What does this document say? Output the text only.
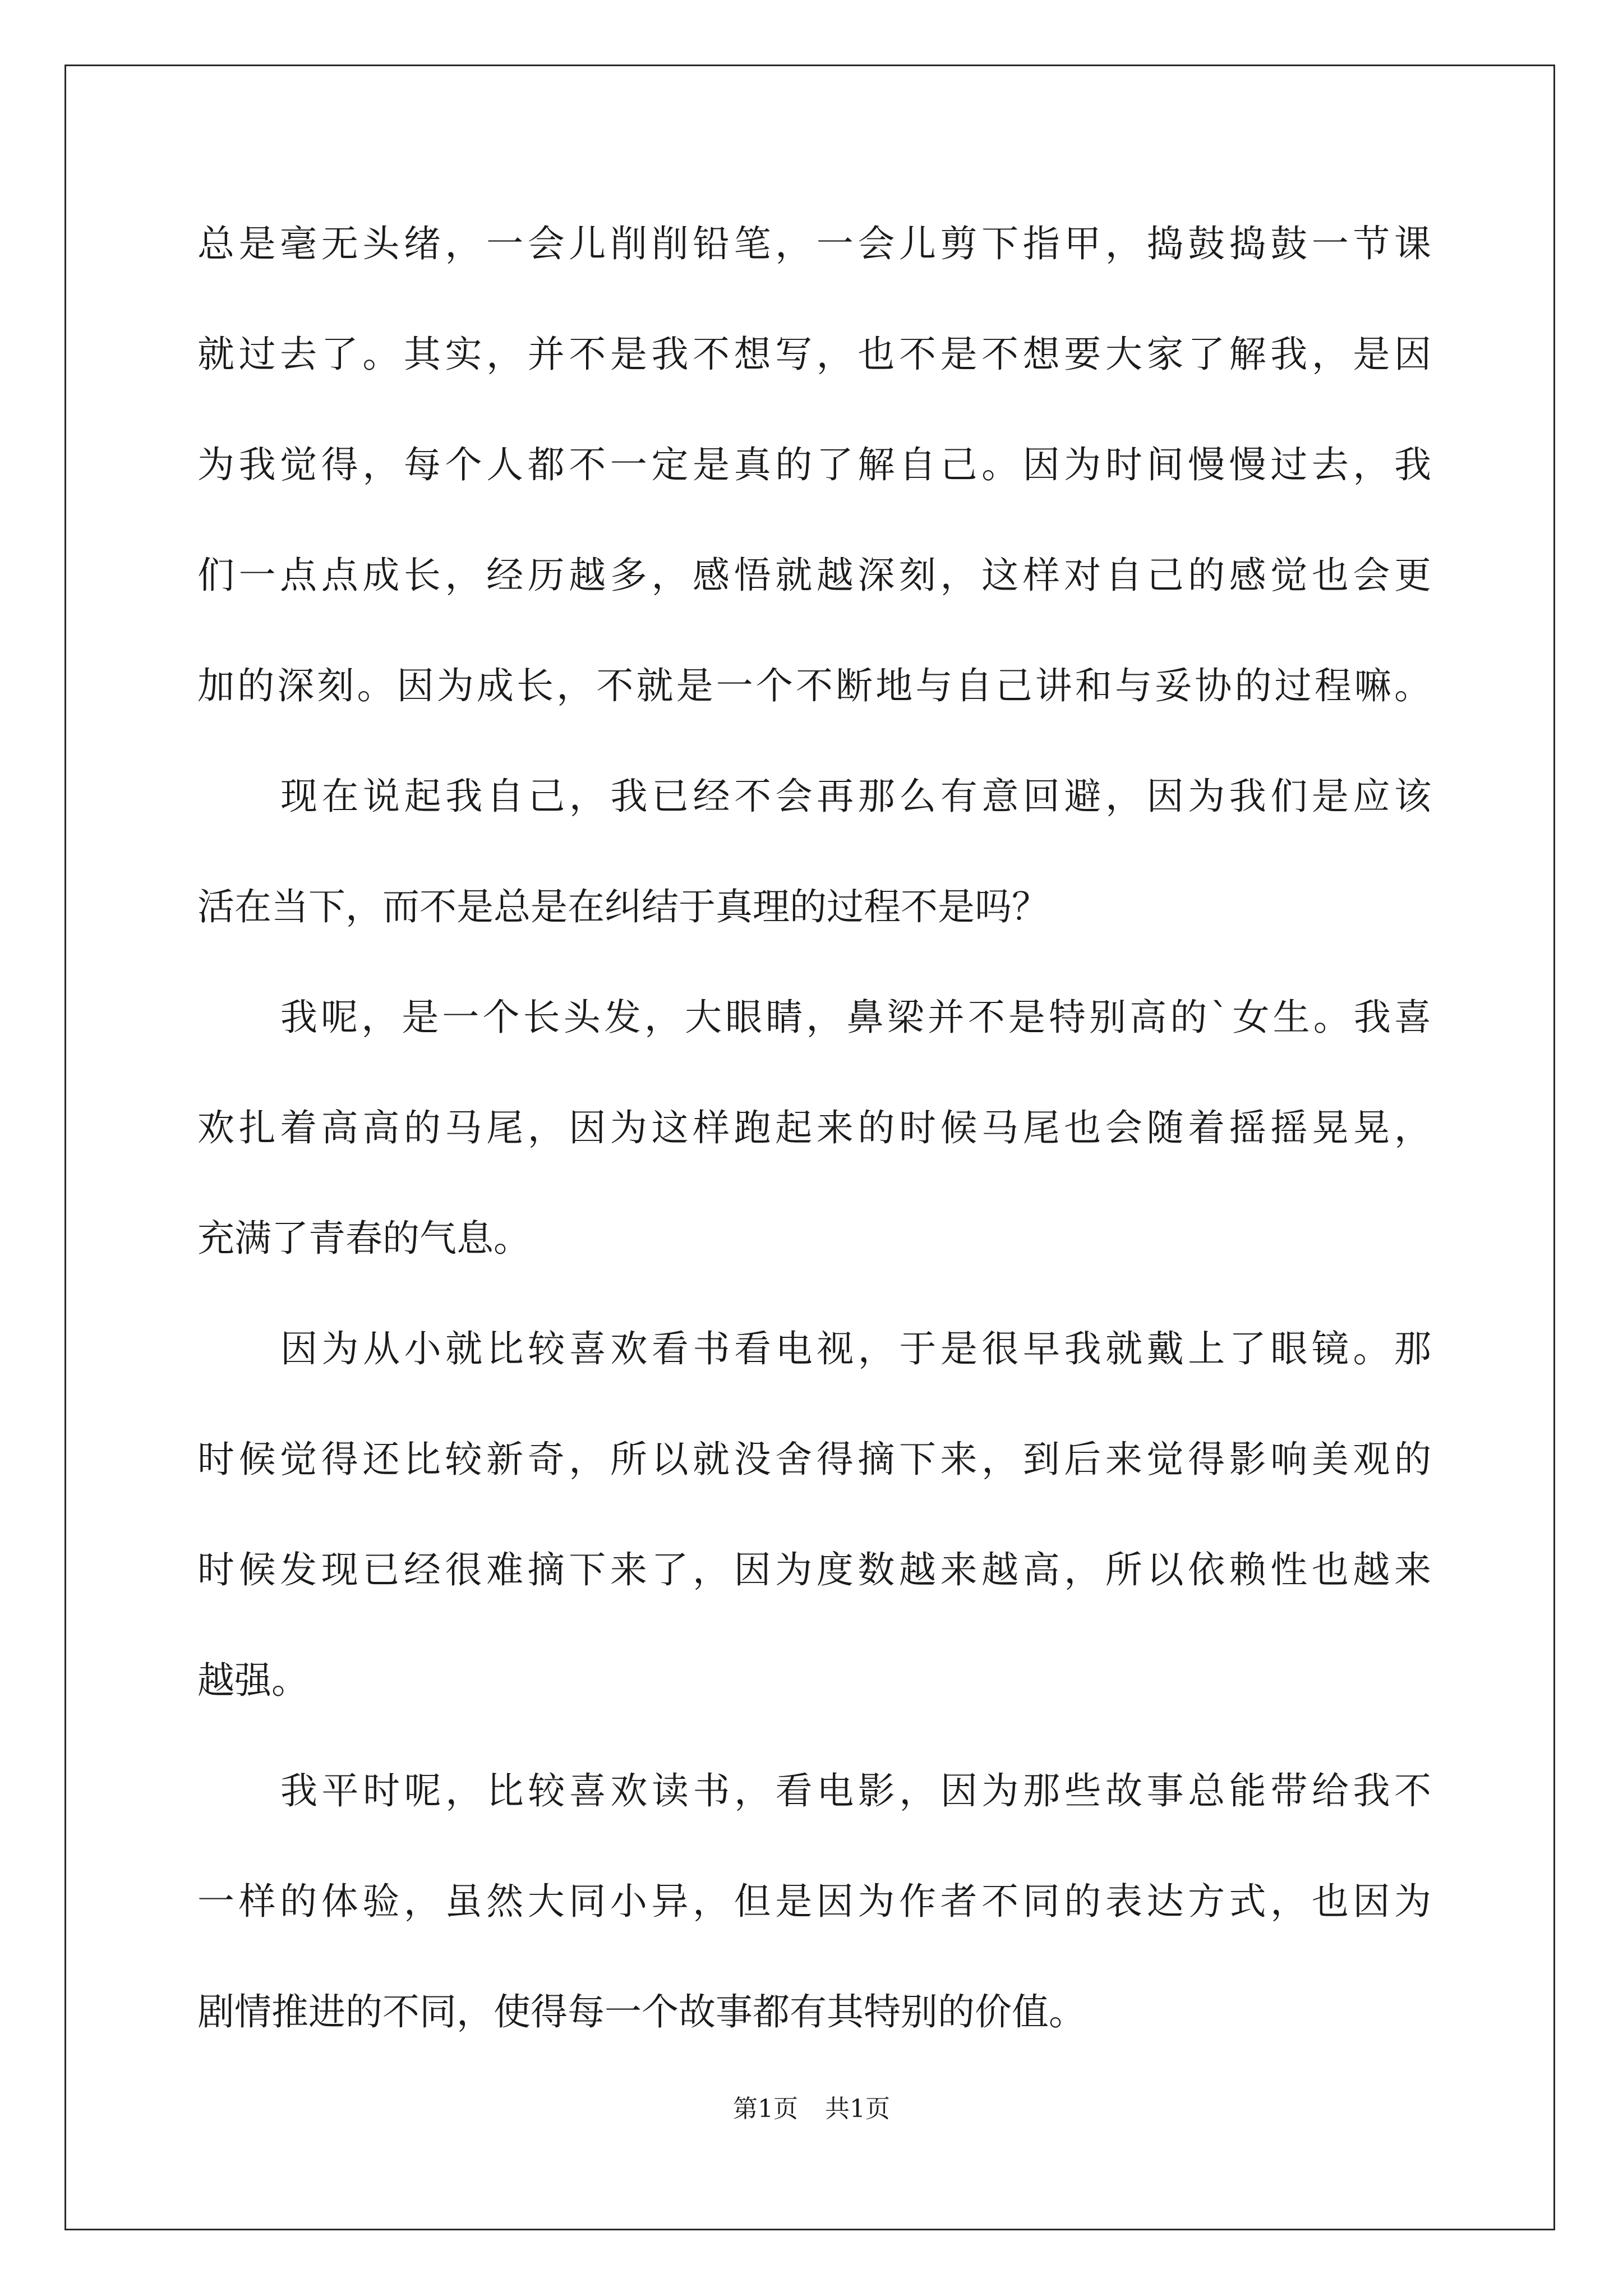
总是毫无头绪，一会儿削削铅笔，一会儿剪下指甲，捣鼓捣鼓一节课
就过去了。其实，并不是我不想写，也不是不想要大家了解我，是因
为我觉得，每个人都不一定是真的了解自己。因为时间慢慢过去，我
们一点点成长，经历越多，感悟就越深刻，这样对自己的感觉也会更
加的深刻。因为成长，不就是一个不断地与自己讲和与妥协的过程嘛。
现在说起我自己，我已经不会再那么有意回避，因为我们是应该
活在当下，而不是总是在纠结于真理的过程不是吗？
我呢，是一个长头发，大眼睛，鼻梁并不是特别高的`女生。我喜
欢扎着高高的马尾，因为这样跑起来的时候马尾也会随着摇摇晃晃，
充满了青春的气息。
因为从小就比较喜欢看书看电视，于是很早我就戴上了眼镜。那
时候觉得还比较新奇，所以就没舍得摘下来，到后来觉得影响美观的
时候发现已经很难摘下来了，因为度数越来越高，所以依赖性也越来
越强。
我平时呢，比较喜欢读书，看电影，因为那些故事总能带给我不
一样的体验，虽然大同小异，但是因为作者不同的表达方式，也因为
剧情推进的不同，使得每一个故事都有其特别的价值。
第1页 共1页
